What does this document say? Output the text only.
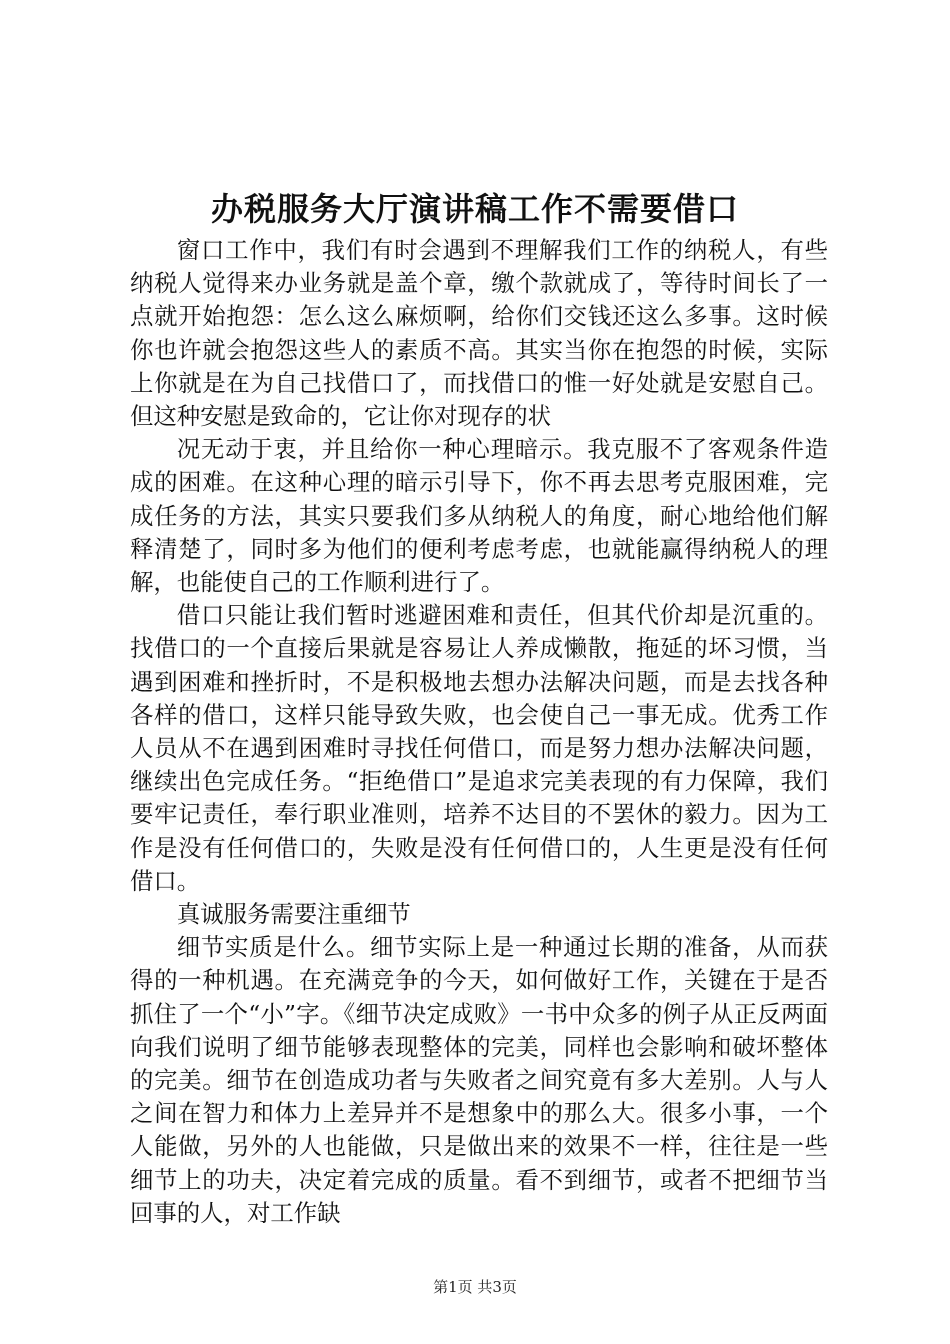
办税服务大厅演讲稿工作不需要借口

窗口工作中，我们有时会遇到不理解我们工作的纳税人，有些纳税人觉得来办业务就是盖个章，缴个款就成了，等待时间长了一点就开始抱怨：怎么这么麻烦啊，给你们交钱还这么多事。这时候你也许就会抱怨这些人的素质不高。其实当你在抱怨的时候，实际上你就是在为自己找借口了，而找借口的惟一好处就是安慰自己。但这种安慰是致命的，它让你对现存的状

况无动于衷，并且给你一种心理暗示。我克服不了客观条件造成的困难。在这种心理的暗示引导下，你不再去思考克服困难，完成任务的方法，其实只要我们多从纳税人的角度，耐心地给他们解释清楚了，同时多为他们的便利考虑考虑，也就能赢得纳税人的理解，也能使自己的工作顺利进行了。

借口只能让我们暂时逃避困难和责任，但其代价却是沉重的。找借口的一个直接后果就是容易让人养成懒散，拖延的坏习惯，当遇到困难和挫折时，不是积极地去想办法解决问题，而是去找各种各样的借口，这样只能导致失败，也会使自己一事无成。优秀工作人员从不在遇到困难时寻找任何借口，而是努力想办法解决问题，继续出色完成任务。“拒绝借口”是追求完美表现的有力保障，我们要牢记责任，奉行职业准则，培养不达目的不罢休的毅力。因为工作是没有任何借口的，失败是没有任何借口的，人生更是没有任何借口。

真诚服务需要注重细节

细节实质是什么。细节实际上是一种通过长期的准备，从而获得的一种机遇。在充满竞争的今天，如何做好工作，关键在于是否抓住了一个“小”字。《细节决定成败》一书中众多的例子从正反两面向我们说明了细节能够表现整体的完美，同样也会影响和破坏整体的完美。细节在创造成功者与失败者之间究竟有多大差别。人与人之间在智力和体力上差异并不是想象中的那么大。很多小事，一个人能做，另外的人也能做，只是做出来的效果不一样，往往是一些细节上的功夫，决定着完成的质量。看不到细节，或者不把细节当回事的人，对工作缺

第1页 共3页
